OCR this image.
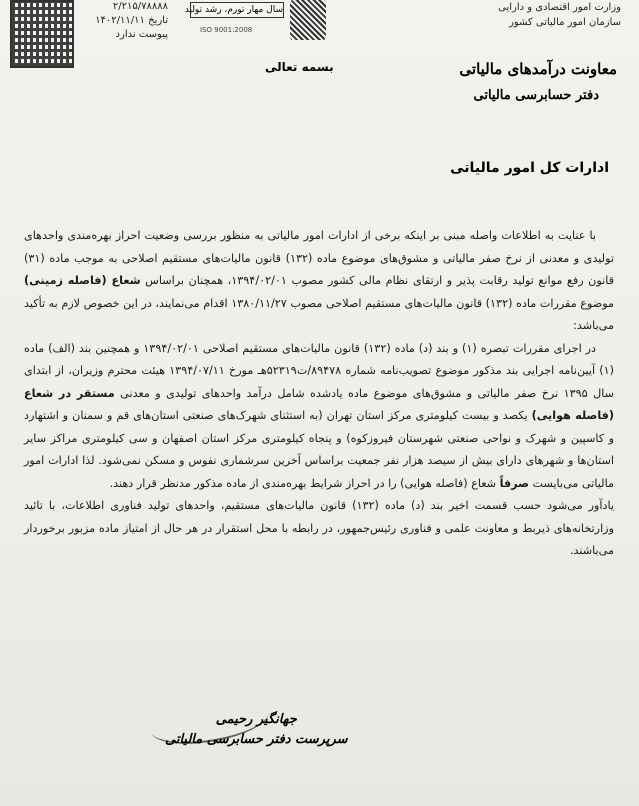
۲/۲۱۵/۷۸۸۸۸
تاریخ ۱۴۰۲/۱۱/۱۱
پیوست ندارد
سال مهار تورم، رشد تولید
ISO 9001:2008
وزارت امور اقتصادی و دارایی
سازمان امور مالیاتی کشور
بسمه تعالی	معاونت درآمدهای مالیاتی
دفتر حسابرسی مالیاتی
ادارات کل امور مالیاتی

با عنایت به اطلاعات واصله مبنی بر اینکه برخی از ادارات امور مالیاتی به منظور بررسی وضعیت احراز بهره‌مندی واحدهای تولیدی و معدنی از نرخ صفر مالیاتی و مشوق‌های موضوع ماده (۱۳۲) قانون مالیات‌های مستقیم اصلاحی به موجب ماده (۳۱) قانون رفع موانع تولید رقابت پذیر و ارتقای نظام مالی کشور مصوب ۱۳۹۴/۰۲/۰۱، همچنان براساس شعاع (فاصله زمینی) موضوع مقررات ماده (۱۳۲) قانون مالیات‌های مستقیم اصلاحی مصوب ۱۳۸۰/۱۱/۲۷ اقدام می‌نمایند، در این خصوص لازم به تأکید می‌باشد:

در اجرای مقررات تبصره (۱) و بند (د) ماده (۱۳۲) قانون مالیات‌های مستقیم اصلاحی ۱۳۹۴/۰۲/۰۱ و همچنین بند (الف) ماده (۱) آیین‌نامه اجرایی بند مذکور موضوع تصویب‌نامه شماره ۸۹۴۷۸/ت۵۲۳۱۹هـ مورخ ۱۳۹۴/۰۷/۱۱ هیئت محترم وزیران، از ابتدای سال ۱۳۹۵ نرخ صفر مالیاتی و مشوق‌های موضوع ماده یادشده شامل درآمد واحدهای تولیدی و معدنی مستقر در شعاع (فاصله هوایی) یکصد و بیست کیلومتری مرکز استان تهران (به استثنای شهرک‌های صنعتی استان‌های قم و سمنان و اشتهارد و کاسپین و شهرک و نواحی صنعتی شهرستان فیروزکوه) و پنجاه کیلومتری مرکز استان اصفهان و سی کیلومتری مراکز سایر استان‌ها و شهرهای دارای بیش از سیصد هزار نفر جمعیت براساس آخرین سرشماری نفوس و مسکن نمی‌شود. لذا ادارات امور مالیاتی می‌بایست صرفاً شعاع (فاصله هوایی) را در احراز شرایط بهره‌مندی از ماده مذکور مدنظر قرار دهند.

یادآور می‌شود حسب قسمت اخیر بند (د) ماده (۱۳۲) قانون مالیات‌های مستقیم، واحدهای تولید فناوری اطلاعات، با تائید وزارتخانه‌های ذیربط و معاونت علمی و فناوری رئیس‌جمهور، در رابطه با محل استقرار در هر حال از امتیاز ماده مزبور برخوردار می‌باشند.

جهانگیر رحیمی
سرپرست دفتر حسابرسی مالیاتی
